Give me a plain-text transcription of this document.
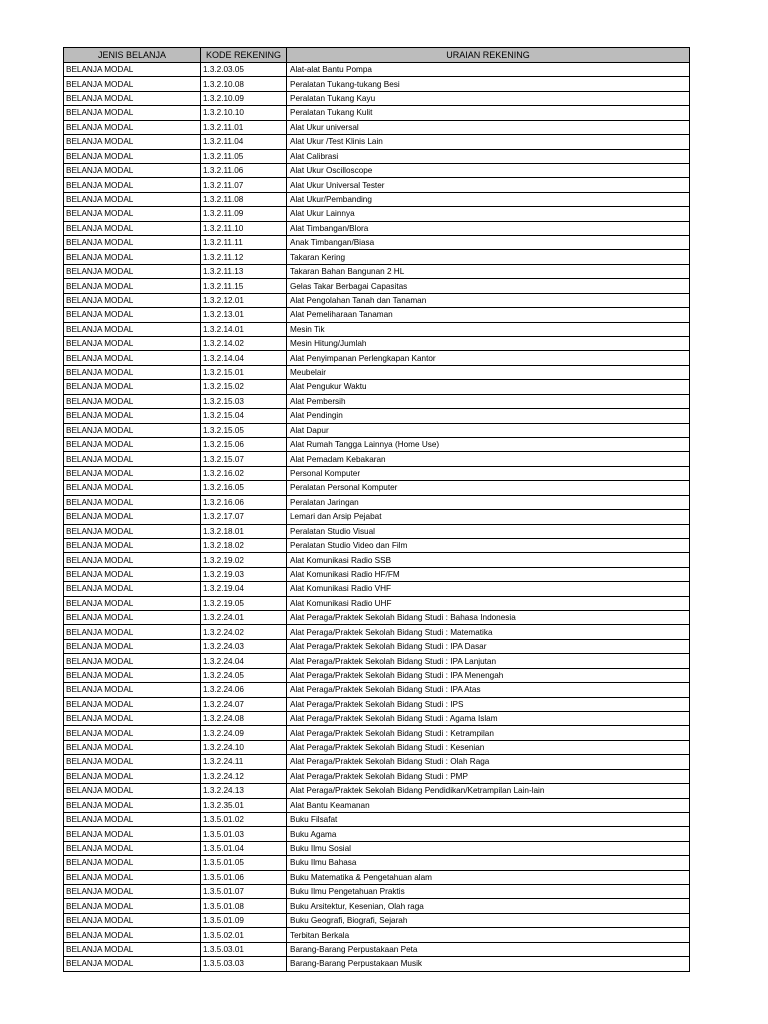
JENIS BELANJA	KODE REKENING	URAIAN REKENING
BELANJA MODAL	1.3.2.03.05	Alat-alat Bantu Pompa
BELANJA MODAL	1.3.2.10.08	Peralatan Tukang-tukang Besi
BELANJA MODAL	1.3.2.10.09	Peralatan Tukang Kayu
BELANJA MODAL	1.3.2.10.10	Peralatan Tukang Kulit
BELANJA MODAL	1.3.2.11.01	Alat Ukur universal
BELANJA MODAL	1.3.2.11.04	Alat Ukur /Test Klinis Lain
BELANJA MODAL	1.3.2.11.05	Alat Calibrasi
BELANJA MODAL	1.3.2.11.06	Alat Ukur Oscilloscope
BELANJA MODAL	1.3.2.11.07	Alat Ukur Universal Tester
BELANJA MODAL	1.3.2.11.08	Alat Ukur/Pembanding
BELANJA MODAL	1.3.2.11.09	Alat Ukur Lainnya
BELANJA MODAL	1.3.2.11.10	Alat Timbangan/Blora
BELANJA MODAL	1.3.2.11.11	Anak Timbangan/Biasa
BELANJA MODAL	1.3.2.11.12	Takaran Kering
BELANJA MODAL	1.3.2.11.13	Takaran Bahan Bangunan 2 HL
BELANJA MODAL	1.3.2.11.15	Gelas Takar Berbagai Capasitas
BELANJA MODAL	1.3.2.12.01	Alat Pengolahan Tanah dan Tanaman
BELANJA MODAL	1.3.2.13.01	Alat Pemeliharaan Tanaman
BELANJA MODAL	1.3.2.14.01	Mesin Tik
BELANJA MODAL	1.3.2.14.02	Mesin Hitung/Jumlah
BELANJA MODAL	1.3.2.14.04	Alat Penyimpanan Perlengkapan Kantor
BELANJA MODAL	1.3.2.15.01	Meubelair
BELANJA MODAL	1.3.2.15.02	Alat Pengukur Waktu
BELANJA MODAL	1.3.2.15.03	Alat Pembersih
BELANJA MODAL	1.3.2.15.04	Alat Pendingin
BELANJA MODAL	1.3.2.15.05	Alat Dapur
BELANJA MODAL	1.3.2.15.06	Alat Rumah Tangga Lainnya (Home Use)
BELANJA MODAL	1.3.2.15.07	Alat Pemadam Kebakaran
BELANJA MODAL	1.3.2.16.02	Personal Komputer
BELANJA MODAL	1.3.2.16.05	Peralatan Personal Komputer
BELANJA MODAL	1.3.2.16.06	Peralatan Jaringan
BELANJA MODAL	1.3.2.17.07	Lemari dan Arsip Pejabat
BELANJA MODAL	1.3.2.18.01	Peralatan Studio Visual
BELANJA MODAL	1.3.2.18.02	Peralatan Studio Video dan Film
BELANJA MODAL	1.3.2.19.02	Alat Komunikasi Radio SSB
BELANJA MODAL	1.3.2.19.03	Alat Komunikasi Radio HF/FM
BELANJA MODAL	1.3.2.19.04	Alat Komunikasi Radio VHF
BELANJA MODAL	1.3.2.19.05	Alat Komunikasi Radio UHF
BELANJA MODAL	1.3.2.24.01	Alat Peraga/Praktek Sekolah Bidang Studi : Bahasa Indonesia
BELANJA MODAL	1.3.2.24.02	Alat Peraga/Praktek Sekolah Bidang Studi : Matematika
BELANJA MODAL	1.3.2.24.03	Alat Peraga/Praktek Sekolah Bidang Studi : IPA Dasar
BELANJA MODAL	1.3.2.24.04	Alat Peraga/Praktek Sekolah Bidang Studi : IPA Lanjutan
BELANJA MODAL	1.3.2.24.05	Alat Peraga/Praktek Sekolah Bidang Studi : IPA Menengah
BELANJA MODAL	1.3.2.24.06	Alat Peraga/Praktek Sekolah Bidang Studi : IPA Atas
BELANJA MODAL	1.3.2.24.07	Alat Peraga/Praktek Sekolah Bidang Studi : IPS
BELANJA MODAL	1.3.2.24.08	Alat Peraga/Praktek Sekolah Bidang Studi : Agama Islam
BELANJA MODAL	1.3.2.24.09	Alat Peraga/Praktek Sekolah Bidang Studi : Ketrampilan
BELANJA MODAL	1.3.2.24.10	Alat Peraga/Praktek Sekolah Bidang Studi : Kesenian
BELANJA MODAL	1.3.2.24.11	Alat Peraga/Praktek Sekolah Bidang Studi : Olah Raga
BELANJA MODAL	1.3.2.24.12	Alat Peraga/Praktek Sekolah Bidang Studi : PMP
BELANJA MODAL	1.3.2.24.13	Alat Peraga/Praktek Sekolah Bidang Pendidikan/Ketrampilan Lain-lain
BELANJA MODAL	1.3.2.35.01	Alat Bantu Keamanan
BELANJA MODAL	1.3.5.01.02	Buku Filsafat
BELANJA MODAL	1.3.5.01.03	Buku Agama
BELANJA MODAL	1.3.5.01.04	Buku Ilmu Sosial
BELANJA MODAL	1.3.5.01.05	Buku Ilmu Bahasa
BELANJA MODAL	1.3.5.01.06	Buku Matematika & Pengetahuan alam
BELANJA MODAL	1.3.5.01.07	Buku Ilmu Pengetahuan Praktis
BELANJA MODAL	1.3.5.01.08	Buku Arsitektur, Kesenian, Olah raga
BELANJA MODAL	1.3.5.01.09	Buku Geografi, Biografi, Sejarah
BELANJA MODAL	1.3.5.02.01	Terbitan Berkala
BELANJA MODAL	1.3.5.03.01	Barang-Barang Perpustakaan Peta
BELANJA MODAL	1.3.5.03.03	Barang-Barang Perpustakaan Musik
